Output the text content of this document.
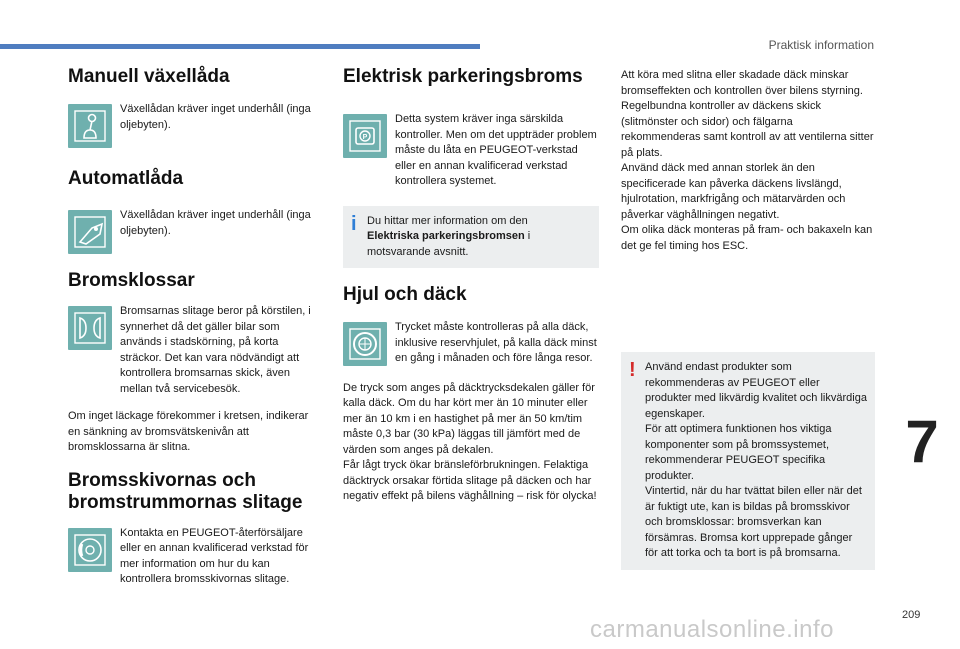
Praktisk information
Manuell växellåda
Växellådan kräver inget underhåll (inga oljebyten).
Automatlåda
Växellådan kräver inget underhåll (inga oljebyten).
Bromsklossar
Bromsarnas slitage beror på körstilen, i synnerhet då det gäller bilar som används i stadskörning, på korta sträckor. Det kan vara nödvändigt att kontrollera bromsarnas skick, även mellan två servicebesök.

Om inget läckage förekommer i kretsen, indikerar en sänkning av bromsvätskenivån att bromsklossarna är slitna.

Bromsskivornas och
bromstrummornas slitage
Kontakta en PEUGEOT-återförsäljare eller en annan kvalificerad verkstad för mer information om hur du kan kontrollera bromsskivornas slitage.
Elektrisk parkeringsbroms
P
Detta system kräver inga särskilda kontroller. Men om det uppträder problem måste du låta en PEUGEOT-verkstad eller en annan kvalificerad verkstad kontrollera systemet.
i Du hittar mer information om den
Elektriska parkeringsbromsen i motsvarande avsnitt.
Hjul och däck
Trycket måste kontrolleras på alla däck, inklusive reservhjulet, på kalla däck minst en gång i månaden och före långa resor.

De tryck som anges på däcktrycksdekalen gäller för kalla däck. Om du har kört mer än 10 minuter eller mer än 10 km i en hastighet på mer än 50 km/tim måste 0,3 bar (30 kPa) läggas till jämfört med de värden som anges på dekalen.

Får lågt tryck ökar bränsleförbrukningen. Felaktiga däcktryck orsakar förtida slitage på däcken och har negativ effekt på bilens väghållning – risk för olycka!

Att köra med slitna eller skadade däck minskar bromseffekten och kontrollen över bilens styrning. Regelbundna kontroller av däckens skick (slitmönster och sidor) och fälgarna rekommenderas samt kontroll av att ventilerna sitter på plats.

Använd däck med annan storlek än den specificerade kan påverka däckens livslängd, hjulrotation, markfrigång och mätarvärden och påverkar väghållningen negativt.

Om olika däck monteras på fram- och bakaxeln kan det ge fel timing hos ESC.

! Använd endast produkter som rekommenderas av PEUGEOT eller produkter med likvärdig kvalitet och likvärdiga egenskaper.
För att optimera funktionen hos viktiga komponenter som på bromssystemet, rekommenderar PEUGEOT specifika produkter.
Vintertid, när du har tvättat bilen eller när det är fuktigt ute, kan is bildas på bromsskivor och bromsklossar: bromsverkan kan försämras. Bromsa kort upprepade gånger för att torka och ta bort is på bromsarna.
7
209
carmanualsonline.info
